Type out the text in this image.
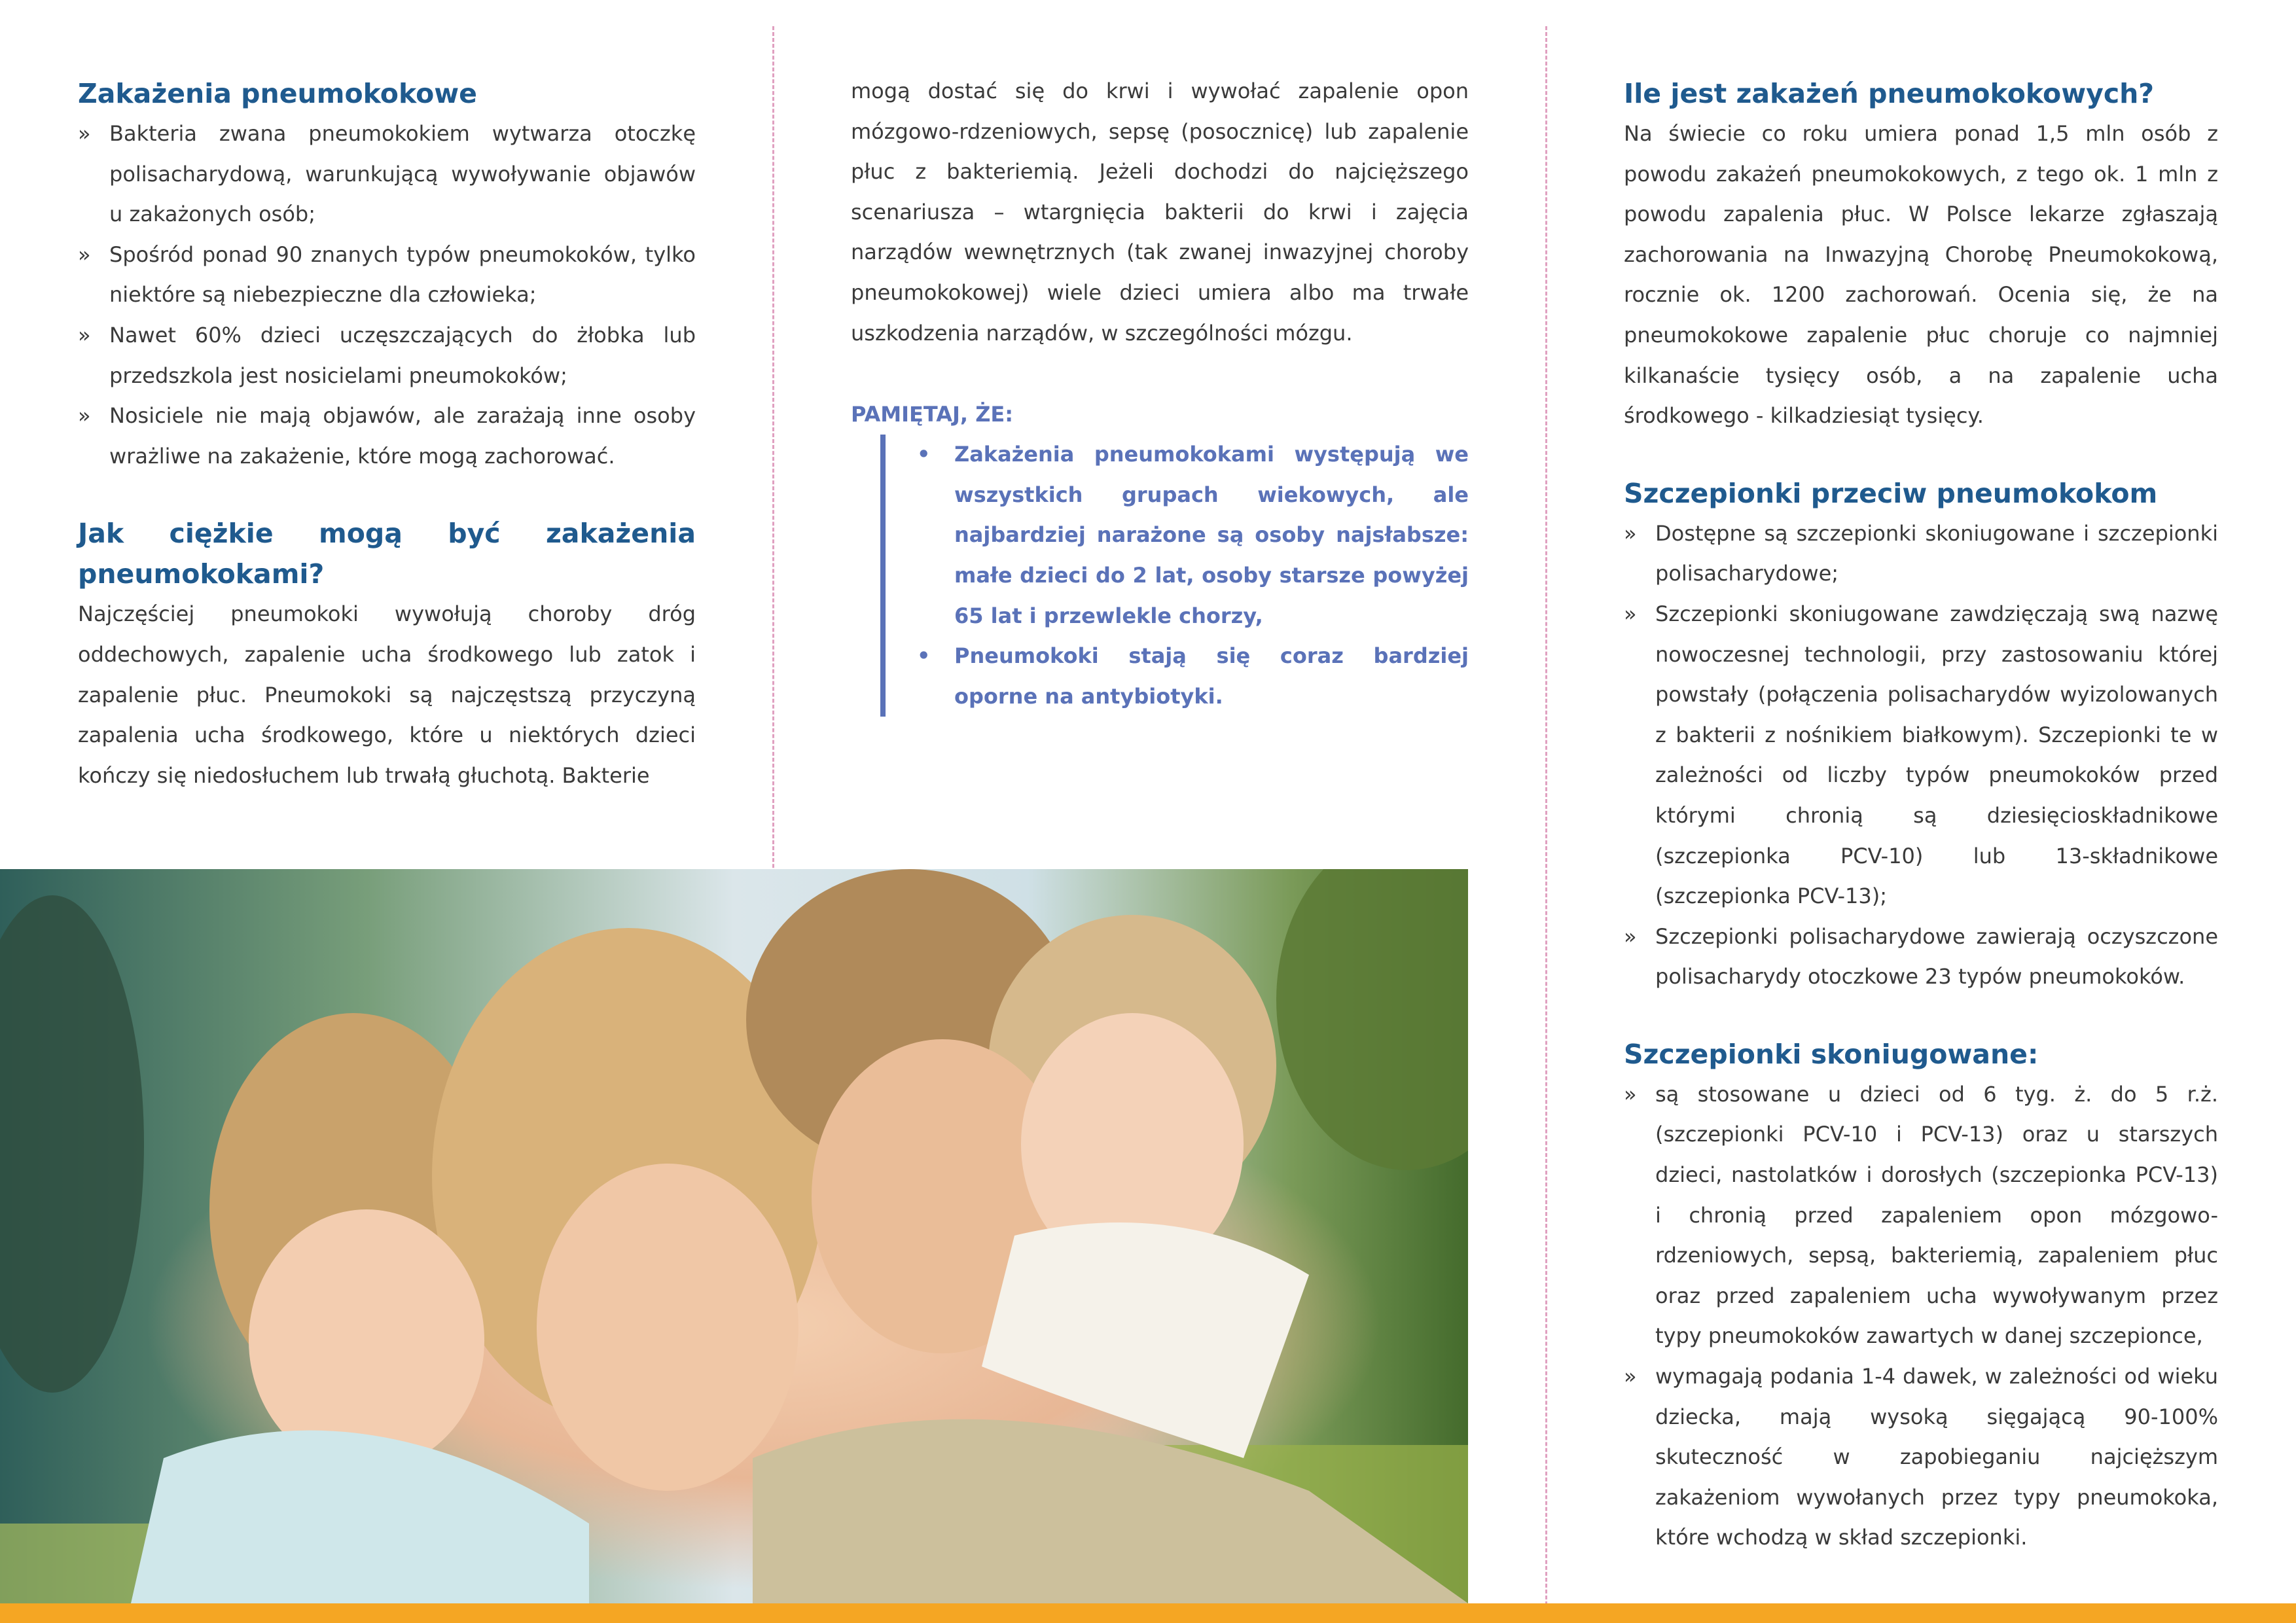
Zakażenia pneumokokowe
» Bakteria zwana pneumokokiem wytwarza otoczkę polisacharydową, warunkującą wywoływanie objawów u zakażonych osób;
» Spośród ponad 90 znanych typów pneumokoków, tylko niektóre są niebezpieczne dla człowieka;
» Nawet 60% dzieci uczęszczających do żłobka lub przedszkola jest nosicielami pneumokoków;
» Nosiciele nie mają objawów, ale zarażają inne osoby wrażliwe na zakażenie, które mogą zachorować.
Jak ciężkie mogą być zakażenia pneumokokami?

Najczęściej pneumokoki wywołują choroby dróg oddechowych, zapalenie ucha środkowego lub zatok i zapalenie płuc. Pneumokoki są najczęstszą przyczyną zapalenia ucha środkowego, które u niektórych dzieci kończy się niedosłuchem lub trwałą głuchotą. Bakterie

mogą dostać się do krwi i wywołać zapalenie opon mózgowo-rdzeniowych, sepsę (posocznicę) lub zapalenie płuc z bakteriemią. Jeżeli dochodzi do najcięższego scenariusza – wtargnięcia bakterii do krwi i zajęcia narządów wewnętrznych (tak zwanej inwazyjnej choroby pneumokokowej) wiele dzieci umiera albo ma trwałe uszkodzenia narządów, w szczególności mózgu.

PAMIĘTAJ, ŻE:

• Zakażenia pneumokokami występują we wszystkich grupach wiekowych, ale najbardziej narażone są osoby najsłabsze: małe dzieci do 2 lat, osoby starsze powyżej 65 lat i przewlekle chorzy,
• Pneumokoki stają się coraz bardziej oporne na antybiotyki.
Ile jest zakażeń pneumokokowych?

Na świecie co roku umiera ponad 1,5 mln osób z powodu zakażeń pneumokokowych, z tego ok. 1 mln z powodu zapalenia płuc. W Polsce lekarze zgłaszają zachorowania na Inwazyjną Chorobę Pneumokokową, rocznie ok. 1200 zachorowań. Ocenia się, że na pneumokokowe zapalenie płuc choruje co najmniej kilkanaście tysięcy osób, a na zapalenie ucha środkowego - kilkadziesiąt tysięcy.

Szczepionki przeciw pneumokokom
» Dostępne są szczepionki skoniugowane i szczepionki polisacharydowe;
» Szczepionki skoniugowane zawdzięczają swą nazwę nowoczesnej technologii, przy zastosowaniu której powstały (połączenia polisacharydów wyizolowanych z bakterii z nośnikiem białkowym). Szczepionki te w zależności od liczby typów pneumokoków przed którymi chronią są dziesięcioskładnikowe (szczepionka PCV-10) lub 13-składnikowe (szczepionka PCV-13);
» Szczepionki polisacharydowe zawierają oczyszczone polisacharydy otoczkowe 23 typów pneumokoków.
Szczepionki skoniugowane:
» są stosowane u dzieci od 6 tyg. ż. do 5 r.ż. (szczepionki PCV-10 i PCV-13) oraz u starszych dzieci, nastolatków i dorosłych (szczepionka PCV-13) i chronią przed zapaleniem opon mózgowo-rdzeniowych, sepsą, bakteriemią, zapaleniem płuc oraz przed zapaleniem ucha wywoływanym przez typy pneumokoków zawartych w danej szczepionce,
» wymagają podania 1-4 dawek, w zależności od wieku dziecka, mają wysoką sięgającą 90-100% skuteczność w zapobieganiu najcięższym zakażeniom wywołanych przez typy pneumokoka, które wchodzą w skład szczepionki.
